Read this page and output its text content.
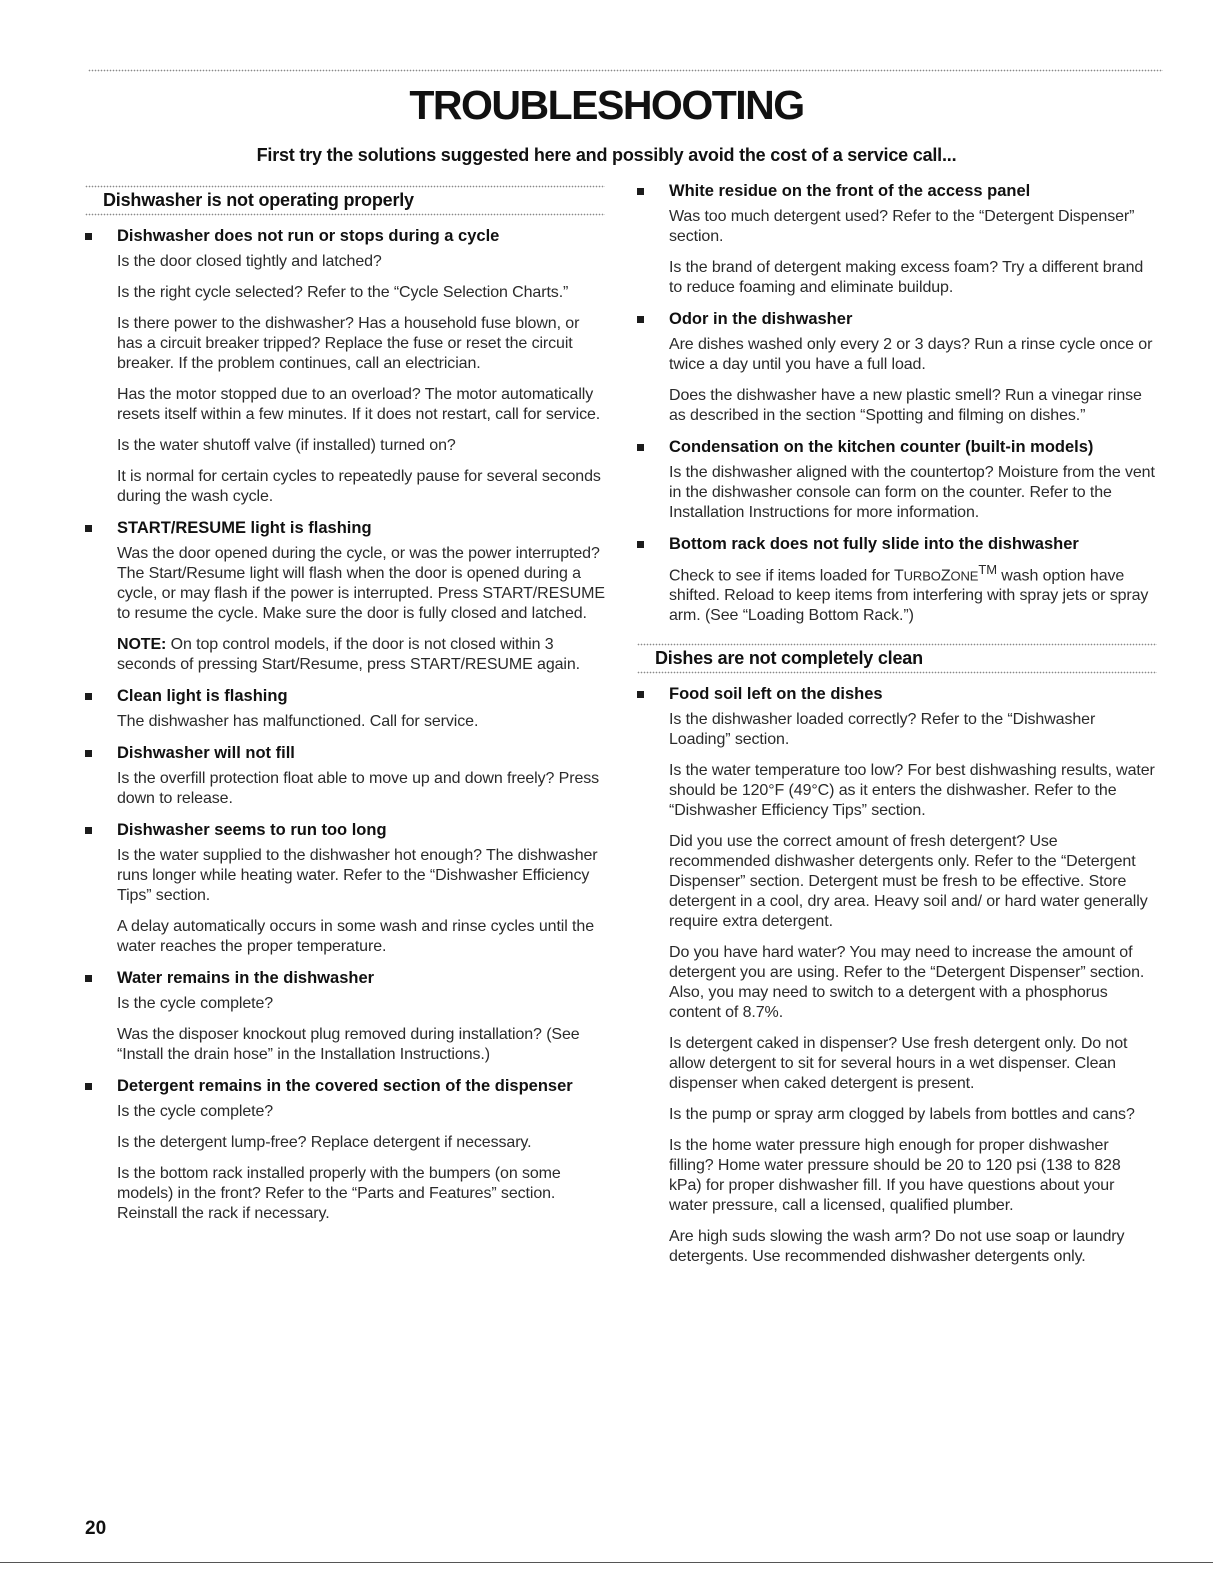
TROUBLESHOOTING

First try the solutions suggested here and possibly avoid the cost of a service call...

Dishwasher is not operating properly

Dishwasher does not run or stops during a cycle

Is the door closed tightly and latched?

Is the right cycle selected? Refer to the “Cycle Selection Charts.”

Is there power to the dishwasher? Has a household fuse blown, or has a circuit breaker tripped? Replace the fuse or reset the circuit breaker. If the problem continues, call an electrician.

Has the motor stopped due to an overload? The motor automatically resets itself within a few minutes. If it does not restart, call for service.

Is the water shutoff valve (if installed) turned on?

It is normal for certain cycles to repeatedly pause for several seconds during the wash cycle.

START/RESUME light is flashing

Was the door opened during the cycle, or was the power interrupted? The Start/Resume light will flash when the door is opened during a cycle, or may flash if the power is interrupted. Press START/RESUME to resume the cycle. Make sure the door is fully closed and latched.

NOTE: On top control models, if the door is not closed within 3 seconds of pressing Start/Resume, press START/RESUME again.

Clean light is flashing

The dishwasher has malfunctioned. Call for service.

Dishwasher will not fill

Is the overfill protection float able to move up and down freely? Press down to release.

Dishwasher seems to run too long

Is the water supplied to the dishwasher hot enough? The dishwasher runs longer while heating water. Refer to the “Dishwasher Efficiency Tips” section.

A delay automatically occurs in some wash and rinse cycles until the water reaches the proper temperature.

Water remains in the dishwasher

Is the cycle complete?

Was the disposer knockout plug removed during installation? (See “Install the drain hose” in the Installation Instructions.)

Detergent remains in the covered section of the dispenser

Is the cycle complete?

Is the detergent lump-free? Replace detergent if necessary.

Is the bottom rack installed properly with the bumpers (on some models) in the front? Refer to the “Parts and Features” section. Reinstall the rack if necessary.

White residue on the front of the access panel

Was too much detergent used? Refer to the “Detergent Dispenser” section.

Is the brand of detergent making excess foam? Try a different brand to reduce foaming and eliminate buildup.

Odor in the dishwasher

Are dishes washed only every 2 or 3 days? Run a rinse cycle once or twice a day until you have a full load.

Does the dishwasher have a new plastic smell? Run a vinegar rinse as described in the section “Spotting and filming on dishes.”

Condensation on the kitchen counter (built-in models)

Is the dishwasher aligned with the countertop? Moisture from the vent in the dishwasher console can form on the counter. Refer to the Installation Instructions for more information.

Bottom rack does not fully slide into the dishwasher

Check to see if items loaded for TURBOZONE™ wash option have shifted. Reload to keep items from interfering with spray jets or spray arm. (See “Loading Bottom Rack.”)

Dishes are not completely clean

Food soil left on the dishes

Is the dishwasher loaded correctly? Refer to the “Dishwasher Loading” section.

Is the water temperature too low? For best dishwashing results, water should be 120°F (49°C) as it enters the dishwasher. Refer to the “Dishwasher Efficiency Tips” section.

Did you use the correct amount of fresh detergent? Use recommended dishwasher detergents only. Refer to the “Detergent Dispenser” section. Detergent must be fresh to be effective. Store detergent in a cool, dry area. Heavy soil and/ or hard water generally require extra detergent.

Do you have hard water? You may need to increase the amount of detergent you are using. Refer to the “Detergent Dispenser” section. Also, you may need to switch to a detergent with a phosphorus content of 8.7%.

Is detergent caked in dispenser? Use fresh detergent only. Do not allow detergent to sit for several hours in a wet dispenser. Clean dispenser when caked detergent is present.

Is the pump or spray arm clogged by labels from bottles and cans?

Is the home water pressure high enough for proper dishwasher filling? Home water pressure should be 20 to 120 psi (138 to 828 kPa) for proper dishwasher fill. If you have questions about your water pressure, call a licensed, qualified plumber.

Are high suds slowing the wash arm? Do not use soap or laundry detergents. Use recommended dishwasher detergents only.

20
